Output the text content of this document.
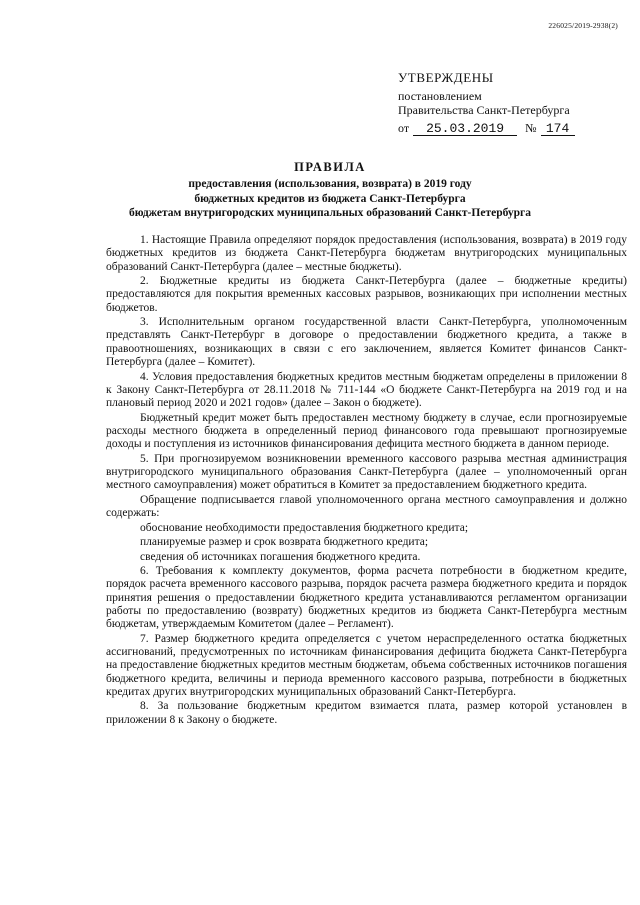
226025/2019-2938(2)
УТВЕРЖДЕНЫ
постановлением
Правительства Санкт-Петербурга
от 25.03.2019 № 174
ПРАВИЛА
предоставления (использования, возврата) в 2019 году
бюджетных кредитов из бюджета Санкт-Петербурга
бюджетам внутригородских муниципальных образований Санкт-Петербурга

1. Настоящие Правила определяют порядок предоставления (использования, возврата) в 2019 году бюджетных кредитов из бюджета Санкт-Петербурга бюджетам внутригородских муниципальных образований Санкт-Петербурга (далее – местные бюджеты).

2. Бюджетные кредиты из бюджета Санкт-Петербурга (далее – бюджетные кредиты) предоставляются для покрытия временных кассовых разрывов, возникающих при исполнении местных бюджетов.

3. Исполнительным органом государственной власти Санкт-Петербурга, уполномоченным представлять Санкт-Петербург в договоре о предоставлении бюджетного кредита, а также в правоотношениях, возникающих в связи с его заключением, является Комитет финансов Санкт-Петербурга (далее – Комитет).

4. Условия предоставления бюджетных кредитов местным бюджетам определены в приложении 8 к Закону Санкт-Петербурга от 28.11.2018 № 711-144 «О бюджете Санкт-Петербурга на 2019 год и на плановый период 2020 и 2021 годов» (далее – Закон о бюджете).

Бюджетный кредит может быть предоставлен местному бюджету в случае, если прогнозируемые расходы местного бюджета в определенный период финансового года превышают прогнозируемые доходы и поступления из источников финансирования дефицита местного бюджета в данном периоде.

5. При прогнозируемом возникновении временного кассового разрыва местная администрация внутригородского муниципального образования Санкт-Петербурга (далее – уполномоченный орган местного самоуправления) может обратиться в Комитет за предоставлением бюджетного кредита.

Обращение подписывается главой уполномоченного органа местного самоуправления и должно содержать:

обоснование необходимости предоставления бюджетного кредита;

планируемые размер и срок возврата бюджетного кредита;

сведения об источниках погашения бюджетного кредита.

6. Требования к комплекту документов, форма расчета потребности в бюджетном кредите, порядок расчета временного кассового разрыва, порядок расчета размера бюджетного кредита и порядок принятия решения о предоставлении бюджетного кредита устанавливаются регламентом организации работы по предоставлению (возврату) бюджетных кредитов из бюджета Санкт-Петербурга местным бюджетам, утверждаемым Комитетом (далее – Регламент).

7. Размер бюджетного кредита определяется с учетом нераспределенного остатка бюджетных ассигнований, предусмотренных по источникам финансирования дефицита бюджета Санкт-Петербурга на предоставление бюджетных кредитов местным бюджетам, объема собственных источников погашения бюджетного кредита, величины и периода временного кассового разрыва, потребности в бюджетных кредитах других внутригородских муниципальных образований Санкт-Петербурга.

8. За пользование бюджетным кредитом взимается плата, размер которой установлен в приложении 8 к Закону о бюджете.
